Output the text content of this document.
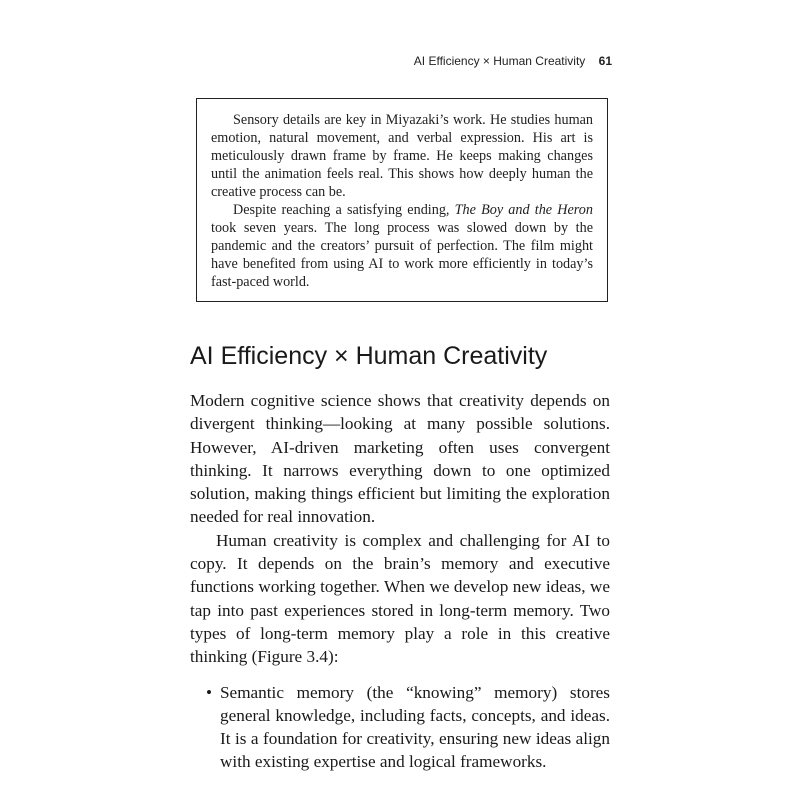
AI Efficiency × Human Creativity 61

Sensory details are key in Miyazaki’s work. He studies human emotion, natural movement, and verbal expression. His art is meticulously drawn frame by frame. He keeps making changes until the animation feels real. This shows how deeply human the creative process can be.

Despite reaching a satisfying ending, The Boy and the Heron took seven years. The long process was slowed down by the pandemic and the creators’ pursuit of perfection. The film might have benefited from using AI to work more efficiently in today’s fast-paced world.

AI Efficiency × Human Creativity

Modern cognitive science shows that creativity depends on divergent thinking—looking at many possible solutions. However, AI-driven marketing often uses convergent thinking. It narrows everything down to one optimized solution, making things efficient but limiting the exploration needed for real innovation.

Human creativity is complex and challenging for AI to copy. It depends on the brain’s memory and executive functions working together. When we develop new ideas, we tap into past experiences stored in long-term memory. Two types of long-term memory play a role in this creative thinking (Figure 3.4):

• Semantic memory (the “knowing” memory) stores general knowledge, including facts, concepts, and ideas. It is a foundation for creativity, ensuring new ideas align with existing expertise and logical frameworks.
